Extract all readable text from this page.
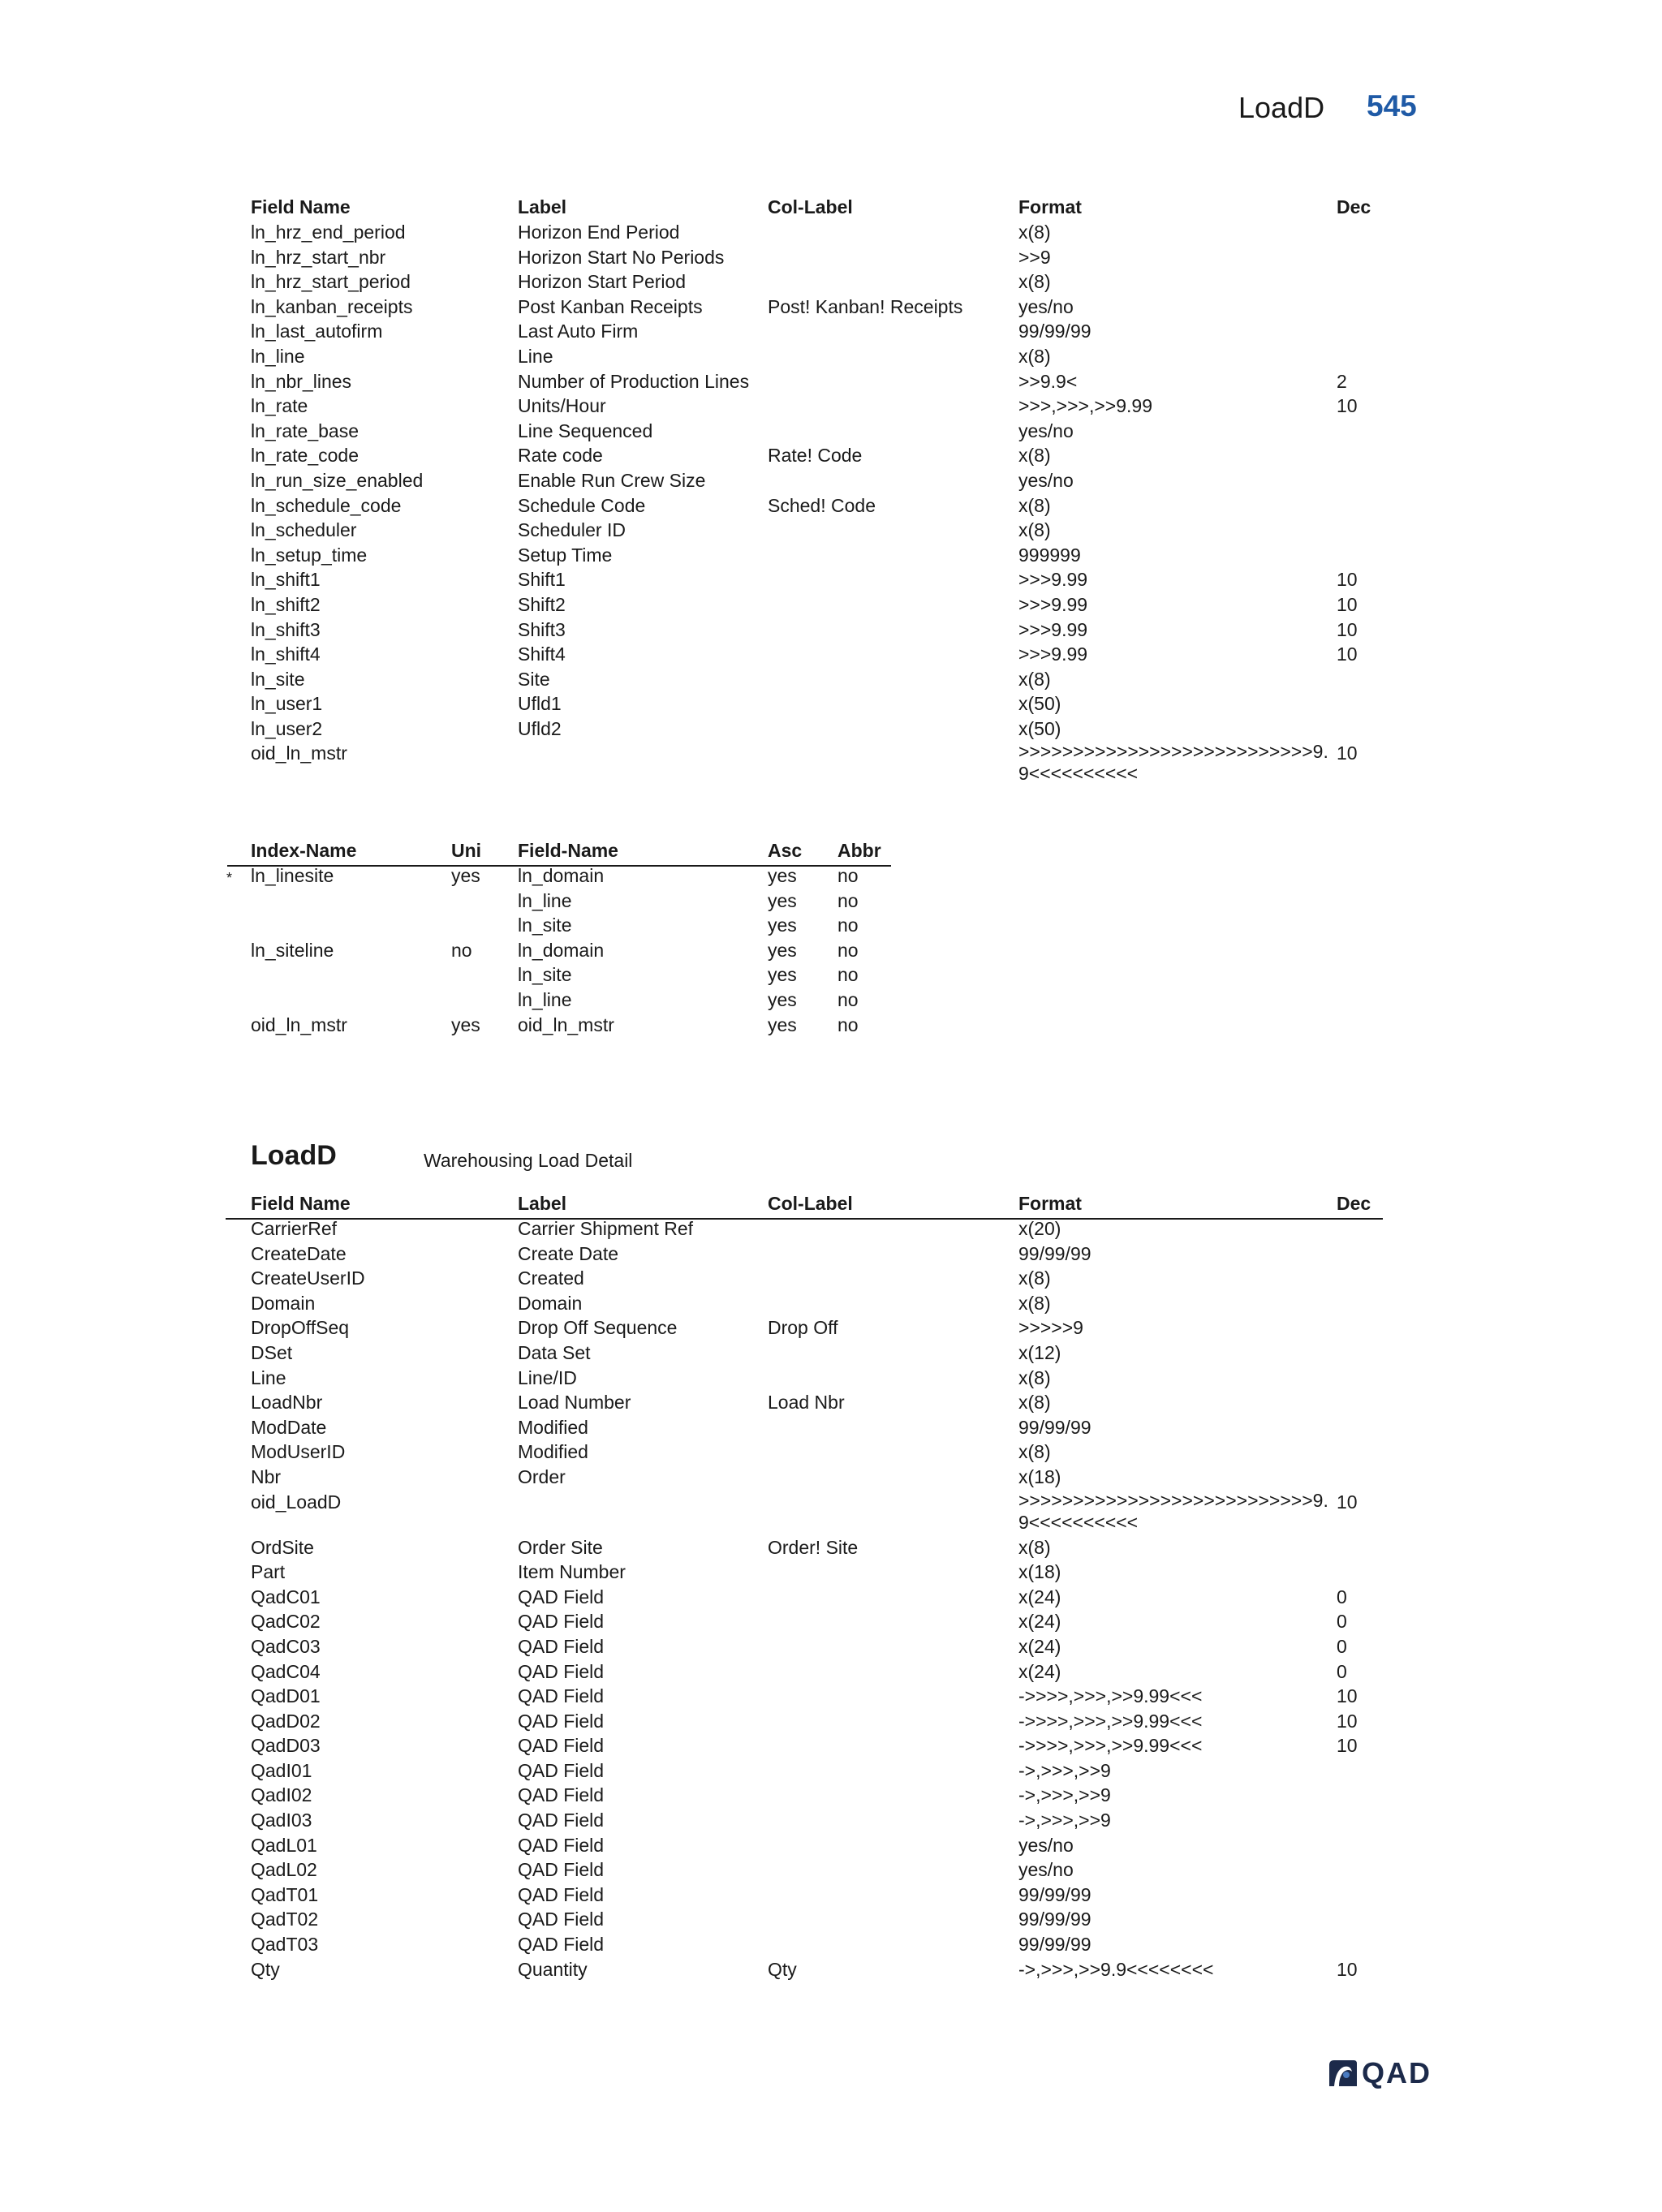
LoadD 545
Field Name	Label	Col-Label	Format	Dec
ln_hrz_end_period	Horizon End Period		x(8)	
ln_hrz_start_nbr	Horizon Start No Periods		>>9	
ln_hrz_start_period	Horizon Start Period		x(8)	
ln_kanban_receipts	Post Kanban Receipts	Post! Kanban! Receipts	yes/no	
ln_last_autofirm	Last Auto Firm		99/99/99	
ln_line	Line		x(8)	
ln_nbr_lines	Number of Production Lines		>>9.9<	2
ln_rate	Units/Hour		>>>,>>>,>>9.99	10
ln_rate_base	Line Sequenced		yes/no	
ln_rate_code	Rate code	Rate! Code	x(8)	
ln_run_size_enabled	Enable Run Crew Size		yes/no	
ln_schedule_code	Schedule Code	Sched! Code	x(8)	
ln_scheduler	Scheduler ID		x(8)	
ln_setup_time	Setup Time		999999	
ln_shift1	Shift1		>>>9.99	10
ln_shift2	Shift2		>>>9.99	10
ln_shift3	Shift3		>>>9.99	10
ln_shift4	Shift4		>>>9.99	10
ln_site	Site		x(8)	
ln_user1	Ufld1		x(50)	
ln_user2	Ufld2		x(50)	
oid_ln_mstr			>>>>>>>>>>>>>>>>>>>>>>>>>>>9.9<<<<<<<<<<	10
*
Index-Name	Uni	Field-Name	Asc	Abbr
ln_linesite	yes	ln_domain	yes	no
		ln_line	yes	no
		ln_site	yes	no
ln_siteline	no	ln_domain	yes	no
		ln_site	yes	no
		ln_line	yes	no
oid_ln_mstr	yes	oid_ln_mstr	yes	no
LoadD	Warehousing Load Detail
Field Name	Label	Col-Label	Format	Dec
CarrierRef	Carrier Shipment Ref		x(20)	
CreateDate	Create Date		99/99/99	
CreateUserID	Created		x(8)	
Domain	Domain		x(8)	
DropOffSeq	Drop Off Sequence	Drop Off	>>>>>9	
DSet	Data Set		x(12)	
Line	Line/ID		x(8)	
LoadNbr	Load Number	Load Nbr	x(8)	
ModDate	Modified		99/99/99	
ModUserID	Modified		x(8)	
Nbr	Order		x(18)	
oid_LoadD			>>>>>>>>>>>>>>>>>>>>>>>>>>>9.9<<<<<<<<<<	10
OrdSite	Order Site	Order! Site	x(8)	
Part	Item Number		x(18)	
QadC01	QAD Field		x(24)	0
QadC02	QAD Field		x(24)	0
QadC03	QAD Field		x(24)	0
QadC04	QAD Field		x(24)	0
QadD01	QAD Field		->>>>,>>>,>>9.99<<<	10
QadD02	QAD Field		->>>>,>>>,>>9.99<<<	10
QadD03	QAD Field		->>>>,>>>,>>9.99<<<	10
QadI01	QAD Field		->,>>>,>>9	
QadI02	QAD Field		->,>>>,>>9	
QadI03	QAD Field		->,>>>,>>9	
QadL01	QAD Field		yes/no	
QadL02	QAD Field		yes/no	
QadT01	QAD Field		99/99/99	
QadT02	QAD Field		99/99/99	
QadT03	QAD Field		99/99/99	
Qty	Quantity	Qty	->,>>>,>>9.9<<<<<<<<	10
QAD
